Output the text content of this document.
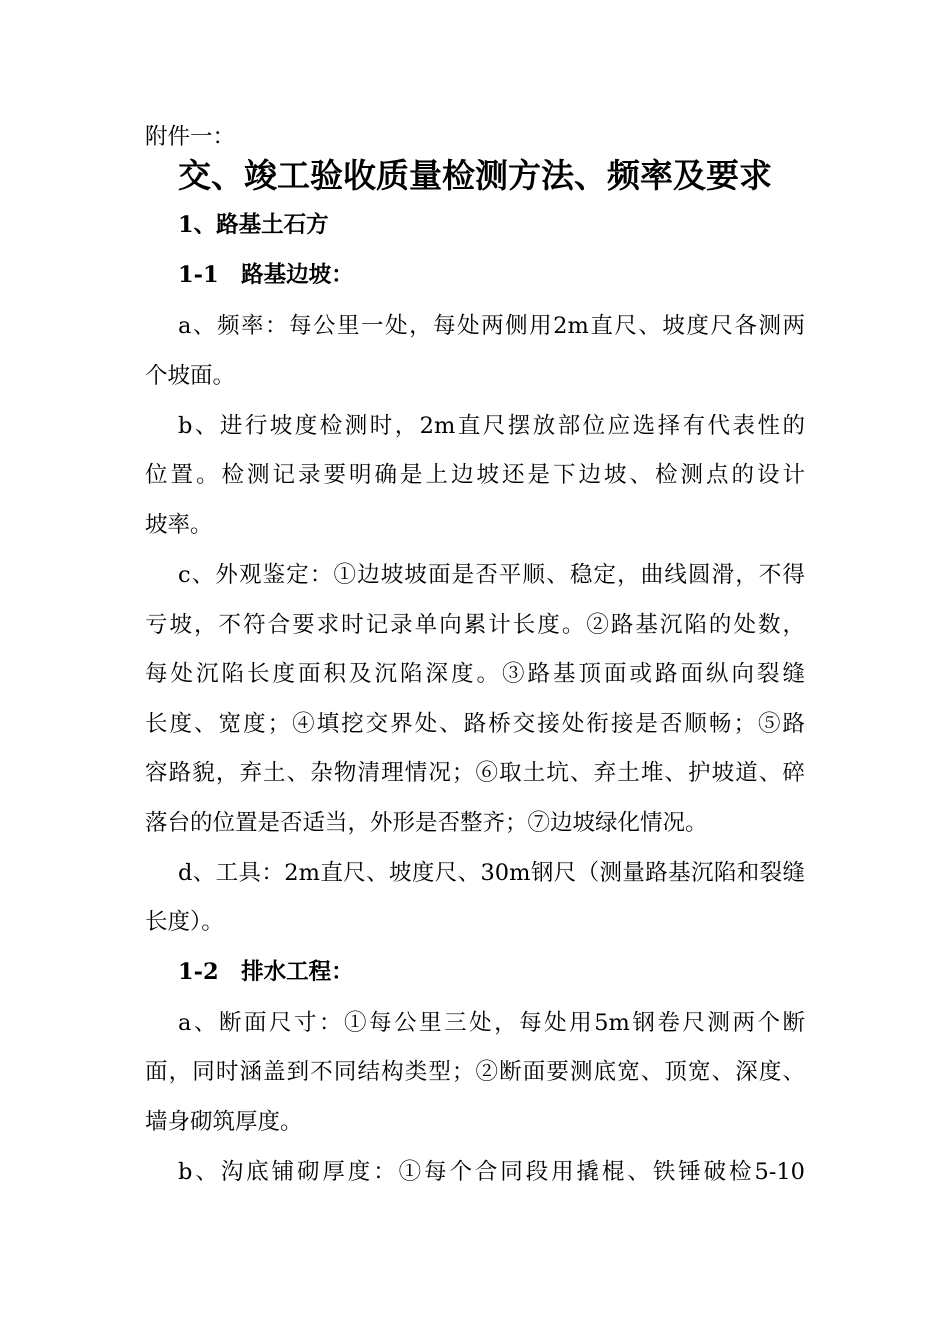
附件一：
交、竣工验收质量检测方法、频率及要求
1、路基土石方
1-1　路基边坡：
a、频率：每公里一处，每处两侧用2m直尺、坡度尺各测两
个坡面。
b、进行坡度检测时，2m直尺摆放部位应选择有代表性的
位置。检测记录要明确是上边坡还是下边坡、检测点的设计
坡率。
c、外观鉴定：①边坡坡面是否平顺、稳定，曲线圆滑，不得
亏坡，不符合要求时记录单向累计长度。②路基沉陷的处数，
每处沉陷长度面积及沉陷深度。③路基顶面或路面纵向裂缝
长度、宽度；④填挖交界处、路桥交接处衔接是否顺畅；⑤路
容路貌，弃土、杂物清理情况；⑥取土坑、弃土堆、护坡道、碎
落台的位置是否适当，外形是否整齐；⑦边坡绿化情况。
d、工具：2m直尺、坡度尺、30m钢尺（测量路基沉陷和裂缝
长度）。
1-2　排水工程：
a、断面尺寸：①每公里三处，每处用5m钢卷尺测两个断
面，同时涵盖到不同结构类型；②断面要测底宽、顶宽、深度、
墙身砌筑厚度。
b、沟底铺砌厚度：①每个合同段用撬棍、铁锤破检5-10
